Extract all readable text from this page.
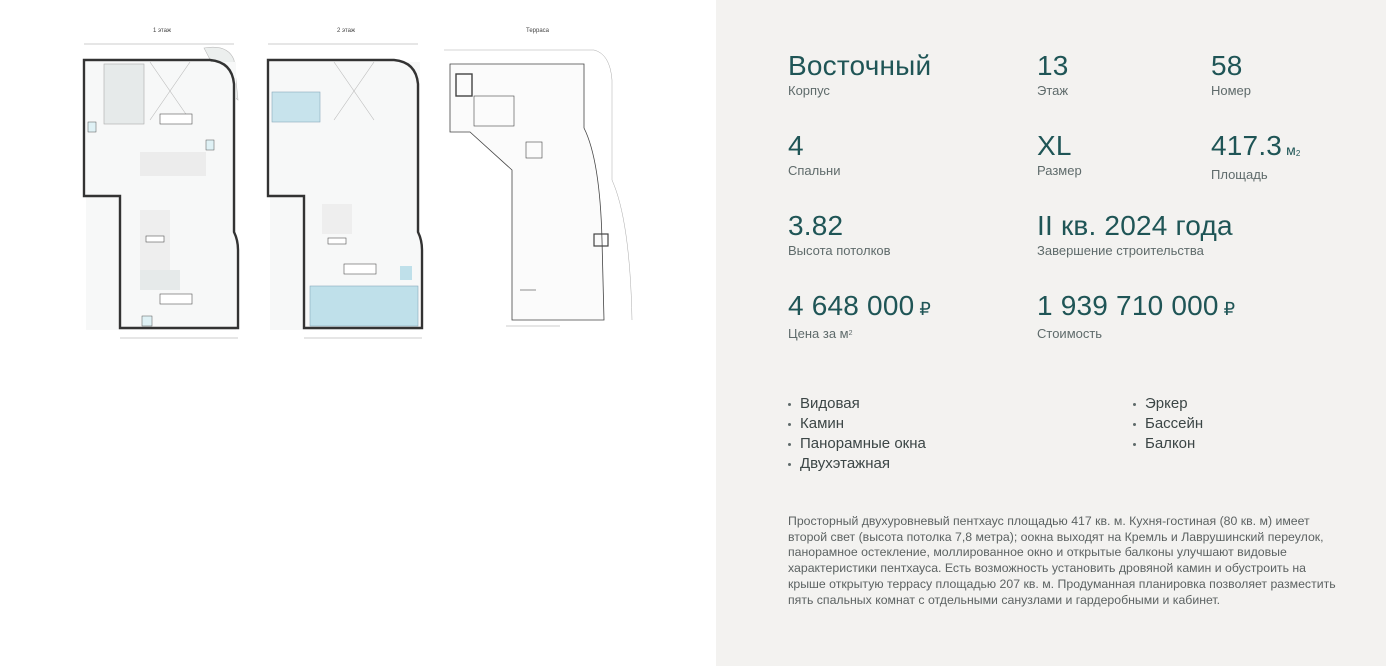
1 этаж	2 этаж	Терраса
Восточный
Корпус
13
Этаж
58
Номер
4
Спальни
XL
Размер
417.3 $м^2$
Площадь
3.82
Высота потолков
II кв. 2024 года
Завершение строительства
4 648 000 ₽
Цена за $м^2$
1 939 710 000 ₽
Стоимость
Видовая
Камин
Панорамные окна
Двухэтажная
Эркер
Бассейн
Балкон
Просторный двухуровневый пентхаус площадью 417 кв. м. Кухня-гостиная (80 кв. м) имеет второй свет (высота потолка 7,8 метра); оокна выходят на Кремль и Лаврушинский переулок, панорамное остекление, моллированное окно и открытые балконы улучшают видовые характеристики пентхауса. Есть возможность установить дровяной камин и обустроить на крыше открытую террасу площадью 207 кв. м. Продуманная планировка позволяет разместить пять спальных комнат с отдельными санузлами и гардеробными и кабинет.
